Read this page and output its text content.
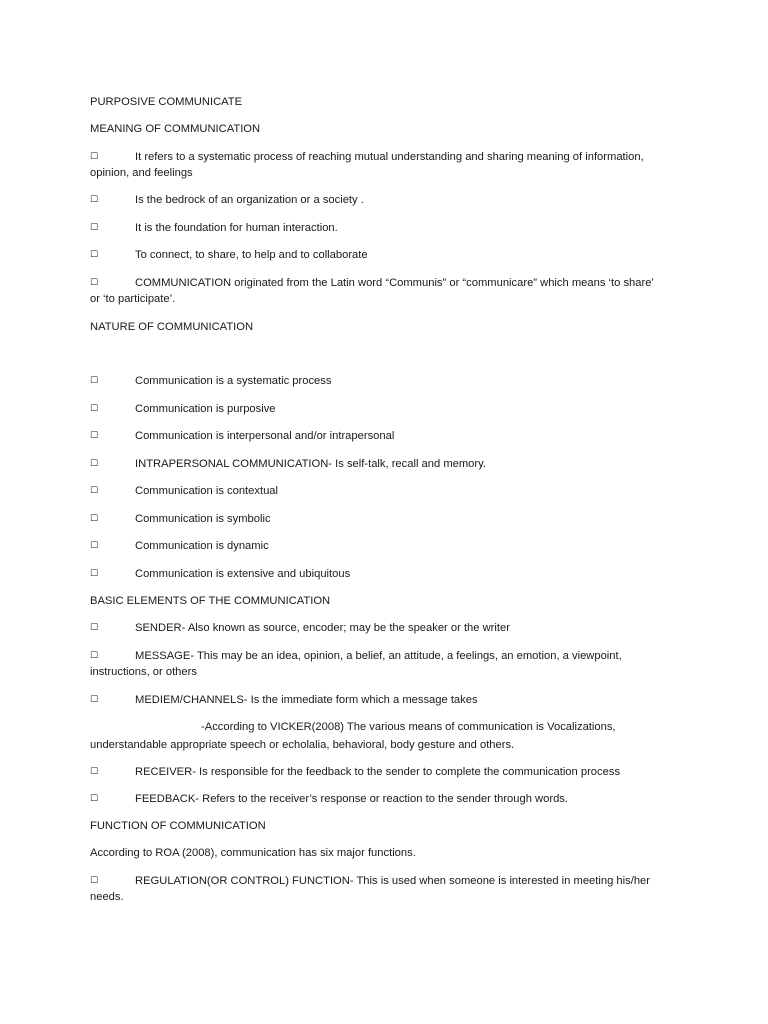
PURPOSIVE COMMUNICATE
MEANING OF COMMUNICATION
☐	It refers to a systematic process of reaching mutual understanding and sharing meaning of information,
opinion, and feelings
☐	Is the bedrock of an organization or a society .
☐	It is the foundation for human interaction.
☐	To connect, to share, to help and to collaborate
☐	COMMUNICATION originated from the Latin word “Communis” or “communicare” which means ‘to share’
or ‘to participate’.
NATURE OF COMMUNICATION
☐	Communication is a systematic process
☐	Communication is purposive
☐	Communication is interpersonal and/or intrapersonal
☐	INTRAPERSONAL COMMUNICATION- Is self-talk, recall and memory.
☐	Communication is contextual
☐	Communication is symbolic
☐	Communication is dynamic
☐	Communication is extensive and ubiquitous
BASIC ELEMENTS OF THE COMMUNICATION
☐	SENDER- Also known as source, encoder; may be the speaker or the writer
☐	MESSAGE- This may be an idea, opinion, a belief, an attitude, a feelings, an emotion, a viewpoint,
instructions, or others
☐	MEDIEM/CHANNELS- Is the immediate form which a message takes
-According to VICKER(2008) The various means of communication is Vocalizations,
understandable appropriate speech or echolalia, behavioral, body gesture and others.
☐	RECEIVER- Is responsible for the feedback to the sender to complete the communication process
☐	FEEDBACK- Refers to the receiver’s response or reaction to the sender through words.
FUNCTION OF COMMUNICATION
According to ROA (2008), communication has six major functions.
☐	REGULATION(OR CONTROL) FUNCTION- This is used when someone is interested in meeting his/her
needs.
